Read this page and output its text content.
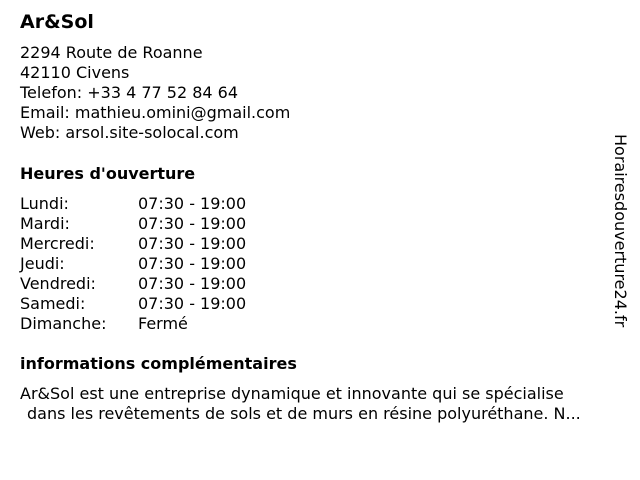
Ar&Sol
2294 Route de Roanne
42110 Civens
Telefon: +33 4 77 52 84 64
Email: mathieu.omini@gmail.com
Web: arsol.site-solocal.com
Heures d'ouverture
Lundi:	07:30 - 19:00
Mardi:	07:30 - 19:00
Mercredi:	07:30 - 19:00
Jeudi:	07:30 - 19:00
Vendredi:	07:30 - 19:00
Samedi:	07:30 - 19:00
Dimanche: Fermé
informations complémentaires
Ar&Sol est une entreprise dynamique et innovante qui se spécialise
dans les revêtements de sols et de murs en résine polyuréthane. N...
Horairesdouverture24.fr
